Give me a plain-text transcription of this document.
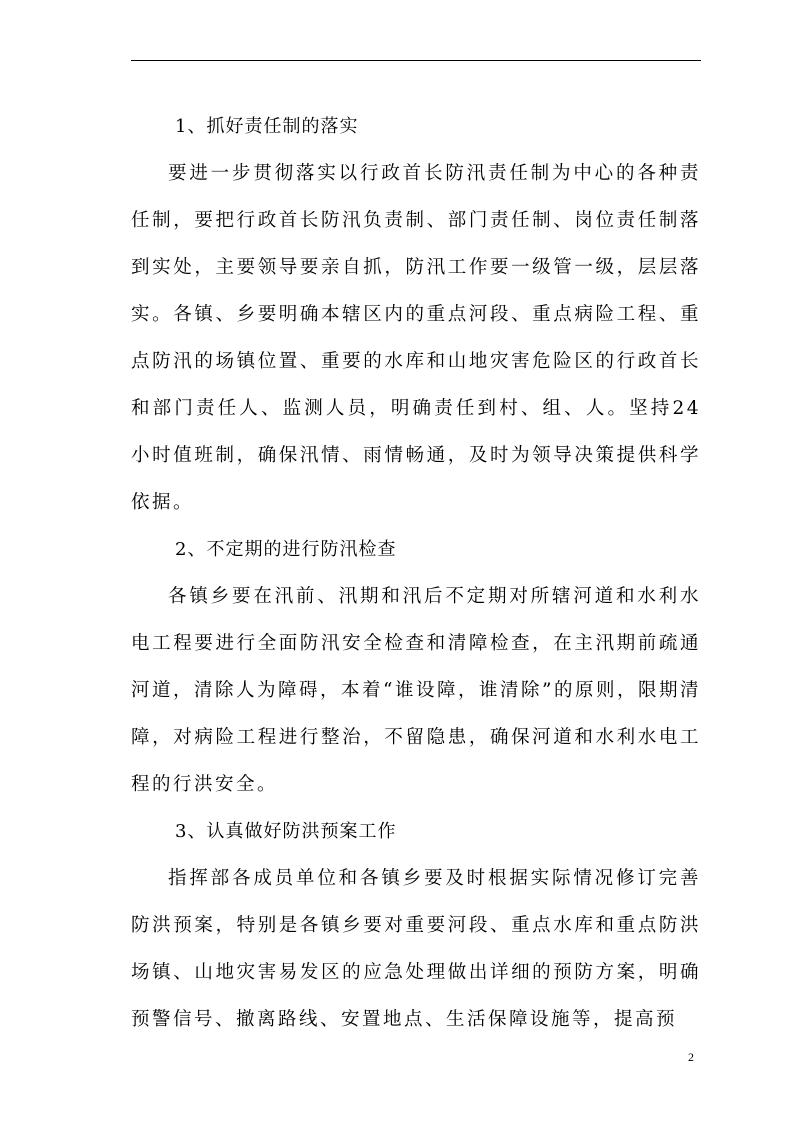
1、抓好责任制的落实

要进一步贯彻落实以行政首长防汛责任制为中心的各种责任制，要把行政首长防汛负责制、部门责任制、岗位责任制落到实处，主要领导要亲自抓，防汛工作要一级管一级，层层落实。各镇、乡要明确本辖区内的重点河段、重点病险工程、重点防汛的场镇位置、重要的水库和山地灾害危险区的行政首长和部门责任人、监测人员，明确责任到村、组、人。坚持24小时值班制，确保汛情、雨情畅通，及时为领导决策提供科学依据。

2、不定期的进行防汛检查

各镇乡要在汛前、汛期和汛后不定期对所辖河道和水利水电工程要进行全面防汛安全检查和清障检查，在主汛期前疏通河道，清除人为障碍，本着“谁设障，谁清除”的原则，限期清障，对病险工程进行整治，不留隐患，确保河道和水利水电工程的行洪安全。

3、认真做好防洪预案工作

指挥部各成员单位和各镇乡要及时根据实际情况修订完善防洪预案，特别是各镇乡要对重要河段、重点水库和重点防洪场镇、山地灾害易发区的应急处理做出详细的预防方案，明确预警信号、撤离路线、安置地点、生活保障设施等，提高预

2
